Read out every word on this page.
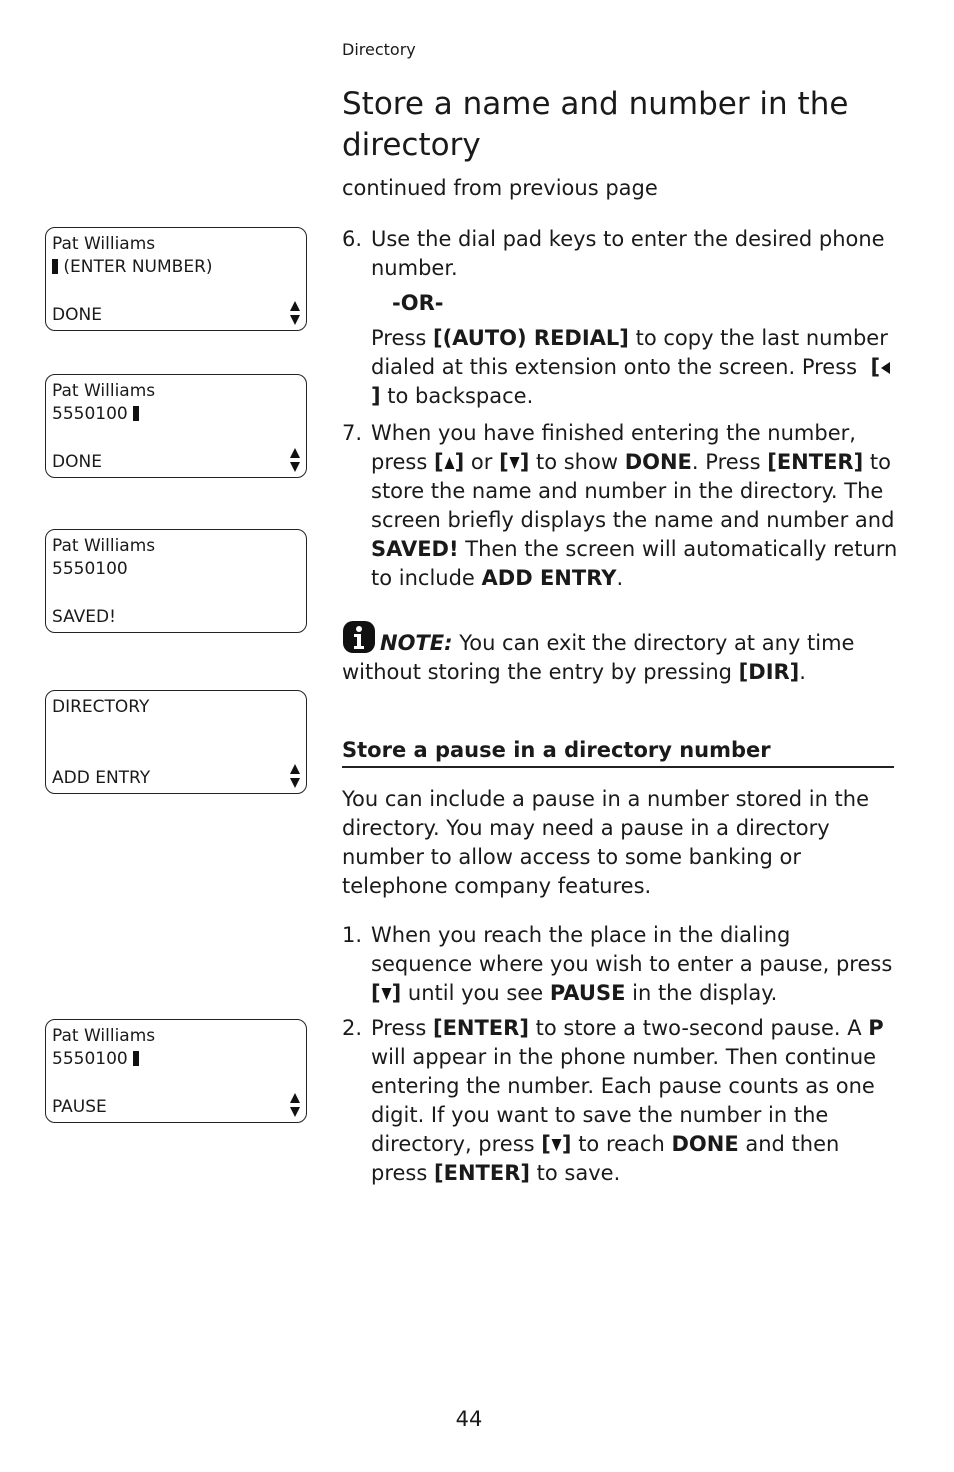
Directory
Store a name and number in the directory
continued from previous page
Pat Williams
(ENTER NUMBER)
DONE
Pat Williams
5550100
DONE
Pat Williams
5550100
SAVED!
DIRECTORY
ADD ENTRY
Pat Williams
5550100
PAUSE
6. Use the dial pad keys to enter the desired phone number.
-OR-
Press [(AUTO) REDIAL] to copy the last number dialed at this extension onto the screen. Press [] to backspace.
7. When you have finished entering the number, press [ ] or [ ] to show DONE. Press [ENTER] to store the name and number in the directory. The screen briefly displays the name and number and SAVED! Then the screen will automatically return to include ADD ENTRY.
NOTE: You can exit the directory at any time without storing the entry by pressing [DIR].
Store a pause in a directory number
You can include a pause in a number stored in the directory. You may need a pause in a directory number to allow access to some banking or telephone company features.
1. When you reach the place in the dialing sequence where you wish to enter a pause, press [ ] until you see PAUSE in the display.
2. Press [ENTER] to store a two-second pause. A P will appear in the phone number. Then continue entering the number. Each pause counts as one digit. If you want to save the number in the directory, press [ ] to reach DONE and then press [ENTER] to save.
44
